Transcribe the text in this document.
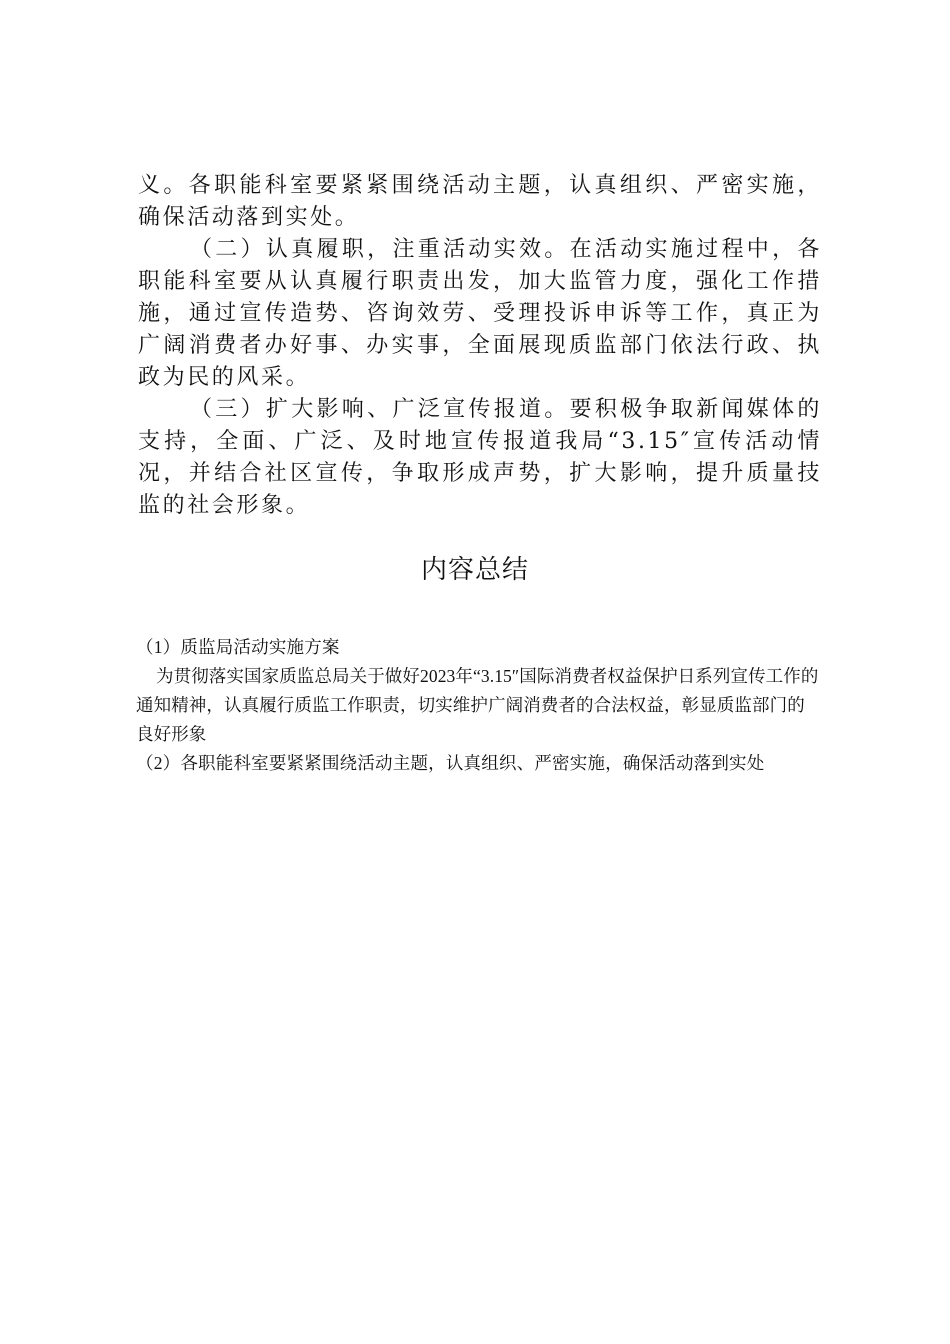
义。各职能科室要紧紧围绕活动主题，认真组织、严密实施，确保活动落到实处。

（二）认真履职，注重活动实效。在活动实施过程中，各职能科室要从认真履行职责出发，加大监管力度，强化工作措施，通过宣传造势、咨询效劳、受理投诉申诉等工作，真正为广阔消费者办好事、办实事，全面展现质监部门依法行政、执政为民的风采。

（三）扩大影响、广泛宣传报道。要积极争取新闻媒体的支持，全面、广泛、及时地宣传报道我局“3.15″宣传活动情况，并结合社区宣传，争取形成声势，扩大影响，提升质量技监的社会形象。

内容总结

（1）质监局活动实施方案

为贯彻落实国家质监总局关于做好2023年“3.15″国际消费者权益保护日系列宣传工作的通知精神，认真履行质监工作职责，切实维护广阔消费者的合法权益，彰显质监部门的良好形象

（2）各职能科室要紧紧围绕活动主题，认真组织、严密实施，确保活动落到实处
